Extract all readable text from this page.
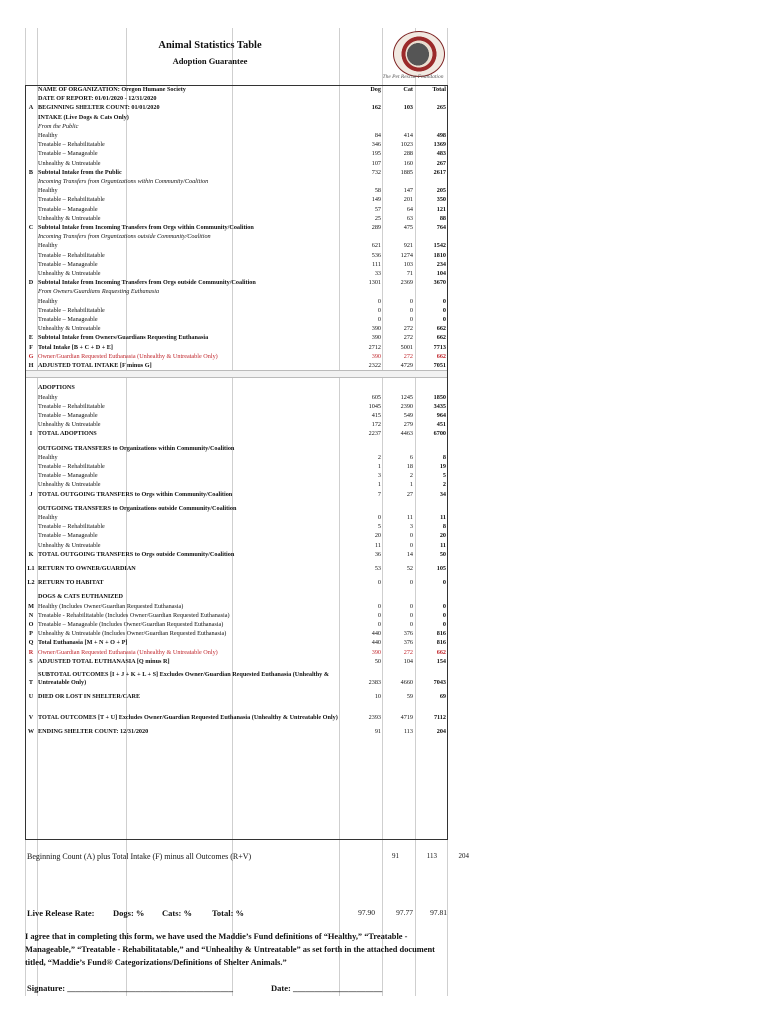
Animal Statistics Table
Adoption Guarantee
The Pet Rescue Foundation
	NAME OF ORGANIZATION: Oregon Humane Society	Dog	Cat	Total
	DATE OF REPORT: 01/01/2020 - 12/31/2020			
A	BEGINNING SHELTER COUNT: 01/01/2020	162	103	265
	INTAKE (Live Dogs & Cats Only)			
	From the Public			
	Healthy	84	414	498
	Treatable – Rehabilitatable	346	1023	1369
	Treatable – Manageable	195	288	483
	Unhealthy & Untreatable	107	160	267
B	Subtotal Intake from the Public	732	1885	2617
	Incoming Transfers from Organizations within Community/Coalition			
	Healthy	58	147	205
	Treatable – Rehabilitatable	149	201	350
	Treatable – Manageable	57	64	121
	Unhealthy & Untreatable	25	63	88
C	Subtotal Intake from Incoming Transfers from Orgs within Community/Coalition	289	475	764
	Incoming Transfers from Organizations outside Community/Coalition			
	Healthy	621	921	1542
	Treatable – Rehabilitatable	536	1274	1810
	Treatable – Manageable	111	103	234
	Unhealthy & Untreatable	33	71	104
D	Subtotal Intake from Incoming Transfers from Orgs outside Community/Coalition	1301	2369	3670
	From Owners/Guardians Requesting Euthanasia			
	Healthy	0	0	0
	Treatable – Rehabilitatable	0	0	0
	Treatable – Manageable	0	0	0
	Unhealthy & Untreatable	390	272	662
E	Subtotal Intake from Owners/Guardians Requesting Euthanasia	390	272	662
F	Total Intake [B + C + D + E]	2712	5001	7713
G	Owner/Guardian Requested Euthanasia (Unhealthy & Untreatable Only)	390	272	662
H	ADJUSTED TOTAL INTAKE [F minus G]	2322	4729	7051

	ADOPTIONS			
	Healthy	605	1245	1850
	Treatable – Rehabilitatable	1045	2390	3435
	Treatable – Manageable	415	549	964
	Unhealthy & Untreatable	172	279	451
I	TOTAL ADOPTIONS	2237	4463	6700

	OUTGOING TRANSFERS to Organizations within Community/Coalition			
	Healthy	2	6	8
	Treatable – Rehabilitatable	1	18	19
	Treatable – Manageable	3	2	5
	Unhealthy & Untreatable	1	1	2
J	TOTAL OUTGOING TRANSFERS to Orgs within Community/Coalition	7	27	34

	OUTGOING TRANSFERS to Organizations outside Community/Coalition			
	Healthy	0	11	11
	Treatable – Rehabilitatable	5	3	8
	Treatable – Manageable	20	0	20
	Unhealthy & Untreatable	11	0	11
K	TOTAL OUTGOING TRANSFERS to Orgs outside Community/Coalition	36	14	50

L1	RETURN TO OWNER/GUARDIAN	53	52	105

L2	RETURN TO HABITAT	0	0	0

	DOGS & CATS EUTHANIZED			
M	Healthy (Includes Owner/Guardian Requested Euthanasia)	0	0	0
N	Treatable - Rehabilitatable (Includes Owner/Guardian Requested Euthanasia)	0	0	0
O	Treatable – Manageable (Includes Owner/Guardian Requested Euthanasia)	0	0	0
P	Unhealthy & Untreatable (Includes Owner/Guardian Requested Euthanasia)	440	376	816
Q	Total Euthanasia [M + N + O + P]	440	376	816
R	Owner/Guardian Requested Euthanasia (Unhealthy & Untreatable Only)	390	272	662
S	ADJUSTED TOTAL EUTHANASIA [Q minus R]	50	104	154

T	SUBTOTAL OUTCOMES [I + J + K + L + S] Excludes Owner/Guardian Requested Euthanasia (Unhealthy & Untreatable Only)	2383	4660	7043

U	DIED OR LOST IN SHELTER/CARE	10	59	69

V	TOTAL OUTCOMES [T + U] Excludes Owner/Guardian Requested Euthanasia (Unhealthy & Untreatable Only)	2393	4719	7112

W	ENDING SHELTER COUNT: 12/31/2020	91	113	204
Beginning Count (A) plus Total Intake (F) minus all Outcomes (R+V)	91	113	204
Live Release Rate: Dogs: % Cats: % Total: %	97.90	97.77	97.81
I agree that in completing this form, we have used the Maddie’s Fund definitions of “Healthy,” “Treatable - Manageable,” “Treatable - Rehabilitatable,” and “Unhealthy & Untreatable” as set forth in the attached document titled, “Maddie’s Fund® Categorizations/Definitions of Shelter Animals.”
Signature: _______________________________________	Date: _____________________
